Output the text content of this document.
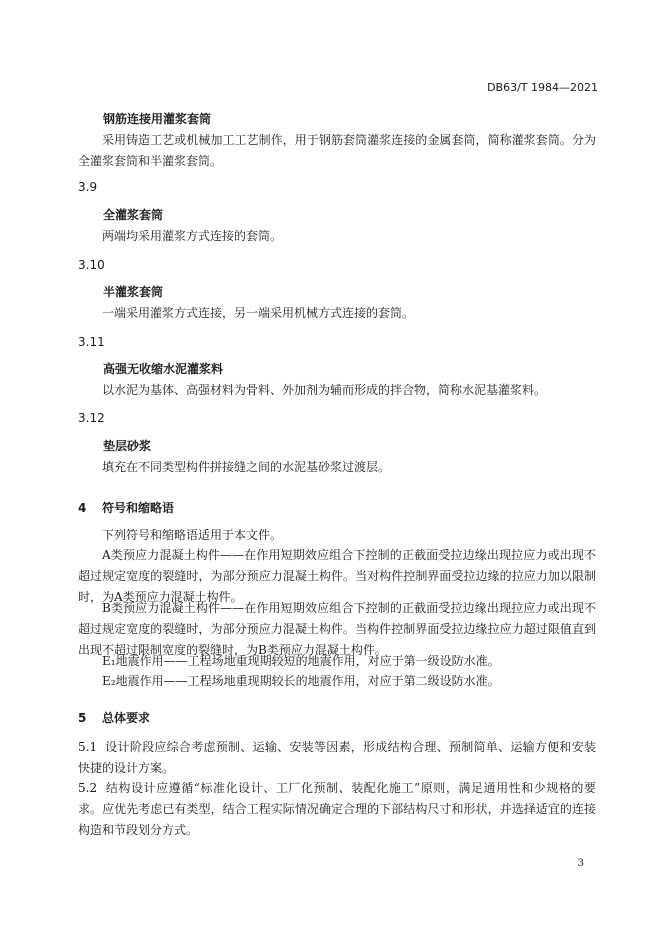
DB63/T 1984—2021
钢筋连接用灌浆套筒
采用铸造工艺或机械加工工艺制作，用于钢筋套筒灌浆连接的金属套筒，简称灌浆套筒。分为全灌浆套筒和半灌浆套筒。
3.9
全灌浆套筒
两端均采用灌浆方式连接的套筒。
3.10
半灌浆套筒
一端采用灌浆方式连接，另一端采用机械方式连接的套筒。
3.11
高强无收缩水泥灌浆料
以水泥为基体、高强材料为骨料、外加剂为辅而形成的拌合物，简称水泥基灌浆料。
3.12
垫层砂浆
填充在不同类型构件拼接缝之间的水泥基砂浆过渡层。
4 符号和缩略语
下列符号和缩略语适用于本文件。
A类预应力混凝土构件——在作用短期效应组合下控制的正截面受拉边缘出现拉应力或出现不超过规定宽度的裂缝时，为部分预应力混凝土构件。当对构件控制界面受拉边缘的拉应力加以限制时，为A类预应力混凝土构件。
B类预应力混凝土构件——在作用短期效应组合下控制的正截面受拉边缘出现拉应力或出现不超过规定宽度的裂缝时，为部分预应力混凝土构件。当构件控制界面受拉边缘拉应力超过限值直到出现不超过限制宽度的裂缝时，为B类预应力混凝土构件。
E₁地震作用——工程场地重现期较短的地震作用，对应于第一级设防水准。
E₂地震作用——工程场地重现期较长的地震作用，对应于第二级设防水准。
5 总体要求
5.1 设计阶段应综合考虑预制、运输、安装等因素，形成结构合理、预制简单、运输方便和安装快捷的设计方案。
5.2 结构设计应遵循“标准化设计、工厂化预制、装配化施工”原则，满足通用性和少规格的要求。应优先考虑已有类型，结合工程实际情况确定合理的下部结构尺寸和形状，并选择适宜的连接构造和节段划分方式。
3
